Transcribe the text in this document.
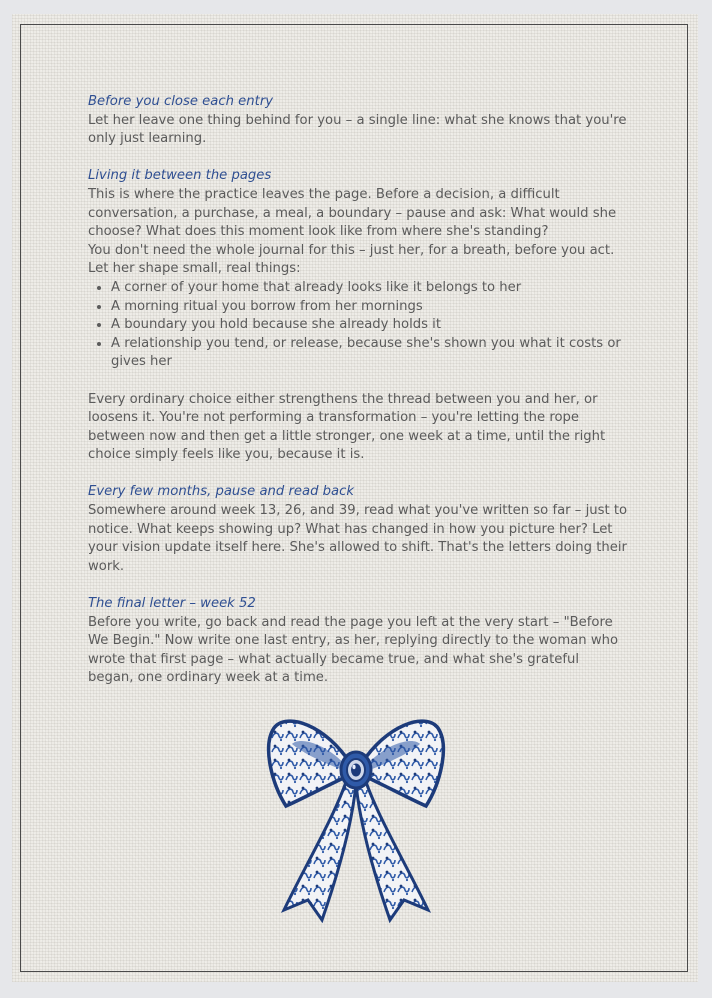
Before you close each entry

Let her leave one thing behind for you – a single line: what she knows that you're only just learning.

Living it between the pages

This is where the practice leaves the page. Before a decision, a difficult conversation, a purchase, a meal, a boundary – pause and ask: What would she choose? What does this moment look like from where she's standing?

You don't need the whole journal for this – just her, for a breath, before you act. Let her shape small, real things:

• A corner of your home that already looks like it belongs to her
• A morning ritual you borrow from her mornings
• A boundary you hold because she already holds it
• A relationship you tend, or release, because she's shown you what it costs or gives her

Every ordinary choice either strengthens the thread between you and her, or loosens it. You're not performing a transformation – you're letting the rope between now and then get a little stronger, one week at a time, until the right choice simply feels like you, because it is.

Every few months, pause and read back

Somewhere around week 13, 26, and 39, read what you've written so far – just to notice. What keeps showing up? What has changed in how you picture her? Let your vision update itself here. She's allowed to shift. That's the letters doing their work.

The final letter – week 52

Before you write, go back and read the page you left at the very start – "Before We Begin." Now write one last entry, as her, replying directly to the woman who wrote that first page – what actually became true, and what she's grateful began, one ordinary week at a time.
